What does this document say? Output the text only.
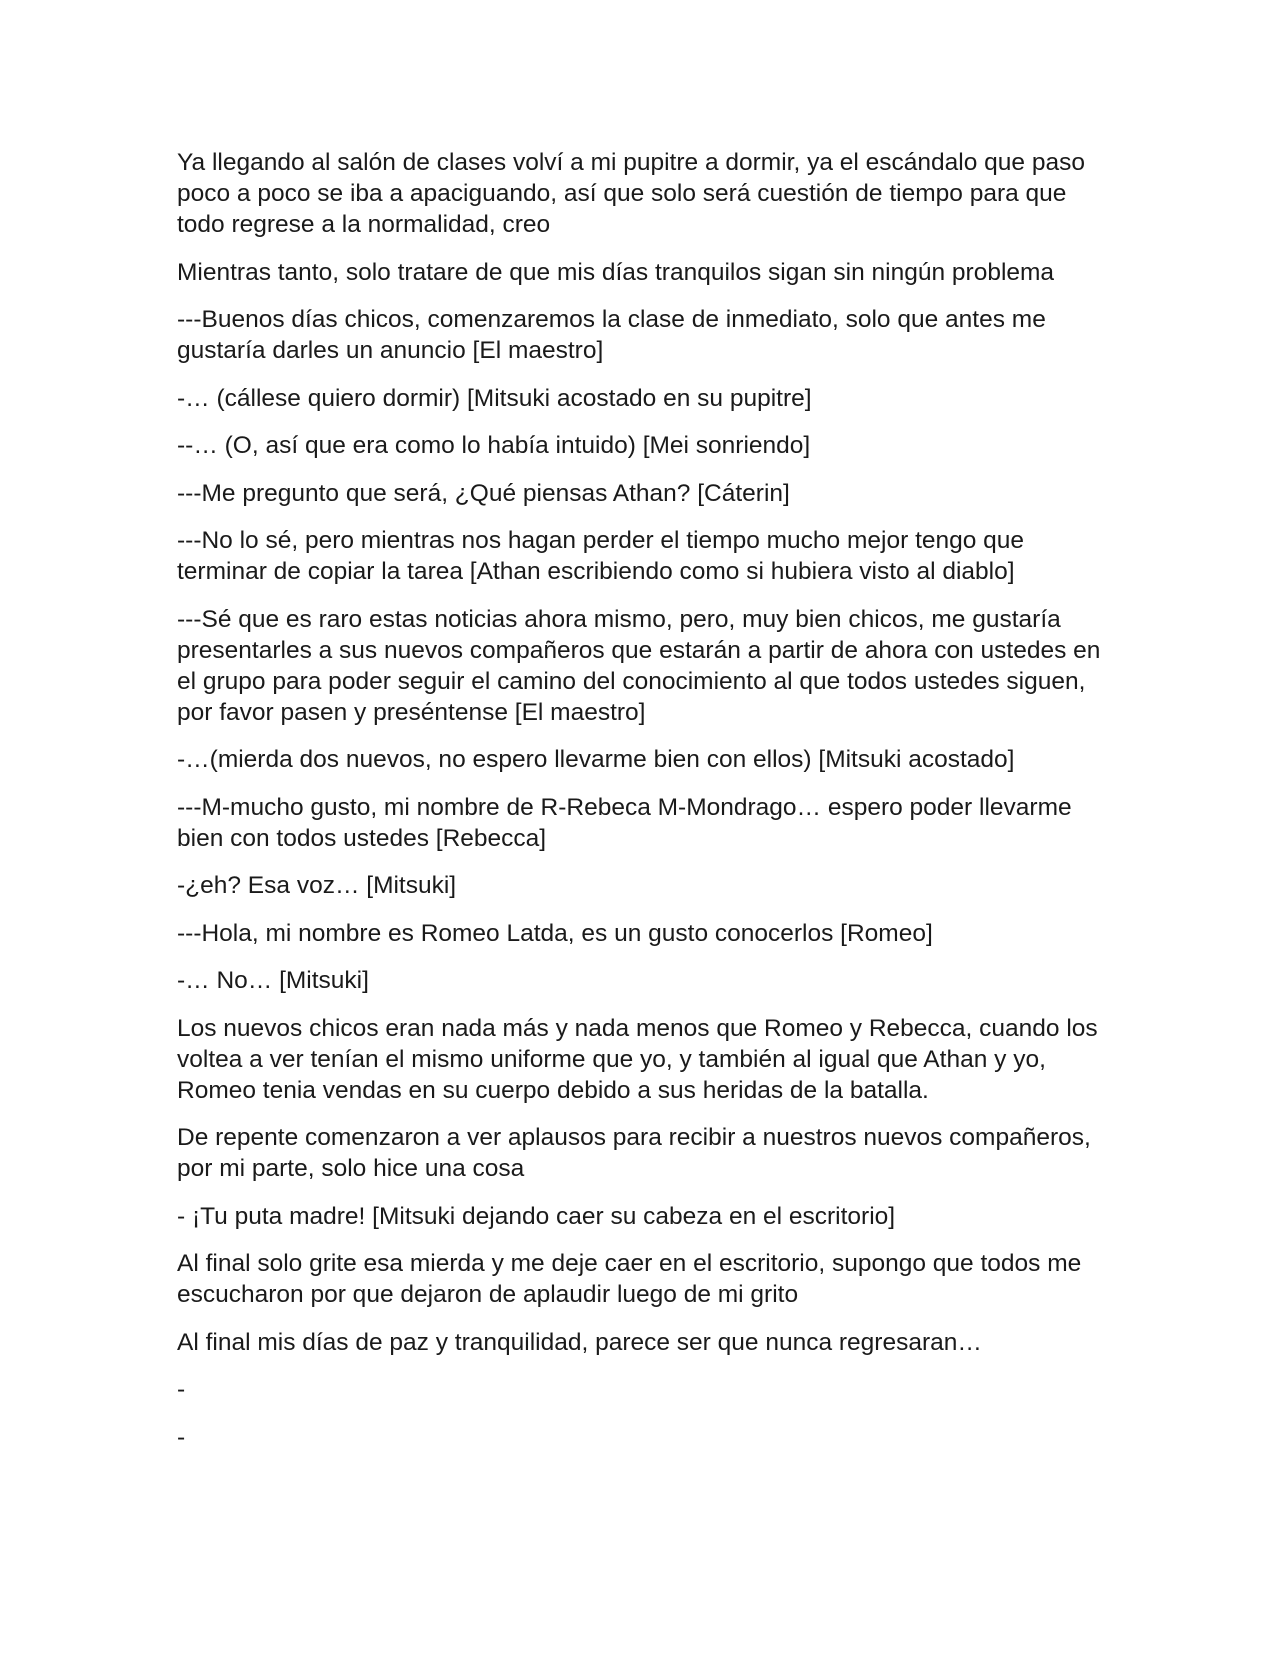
Ya llegando al salón de clases volví a mi pupitre a dormir, ya el escándalo que paso poco a poco se iba a apaciguando, así que solo será cuestión de tiempo para que todo regrese a la normalidad, creo

Mientras tanto, solo tratare de que mis días tranquilos sigan sin ningún problema

---Buenos días chicos, comenzaremos la clase de inmediato, solo que antes me gustaría darles un anuncio [El maestro]

-… (cállese quiero dormir) [Mitsuki acostado en su pupitre]

--… (O, así que era como lo había intuido) [Mei sonriendo]

---Me pregunto que será, ¿Qué piensas Athan? [Cáterin]

---No lo sé, pero mientras nos hagan perder el tiempo mucho mejor tengo que terminar de copiar la tarea [Athan escribiendo como si hubiera visto al diablo]

---Sé que es raro estas noticias ahora mismo, pero, muy bien chicos, me gustaría presentarles a sus nuevos compañeros que estarán a partir de ahora con ustedes en el grupo para poder seguir el camino del conocimiento al que todos ustedes siguen, por favor pasen y preséntense [El maestro]

-…(mierda dos nuevos, no espero llevarme bien con ellos) [Mitsuki acostado]

---M-mucho gusto, mi nombre de R-Rebeca M-Mondrago… espero poder llevarme bien con todos ustedes [Rebecca]

-¿eh? Esa voz… [Mitsuki]

---Hola, mi nombre es Romeo Latda, es un gusto conocerlos [Romeo]

-… No… [Mitsuki]

Los nuevos chicos eran nada más y nada menos que Romeo y Rebecca, cuando los voltea a ver tenían el mismo uniforme que yo, y también al igual que Athan y yo, Romeo tenia vendas en su cuerpo debido a sus heridas de la batalla.

De repente comenzaron a ver aplausos para recibir a nuestros nuevos compañeros, por mi parte, solo hice una cosa

- ¡Tu puta madre! [Mitsuki dejando caer su cabeza en el escritorio]

Al final solo grite esa mierda y me deje caer en el escritorio, supongo que todos me escucharon por que dejaron de aplaudir luego de mi grito

Al final mis días de paz y tranquilidad, parece ser que nunca regresaran…

-

-
